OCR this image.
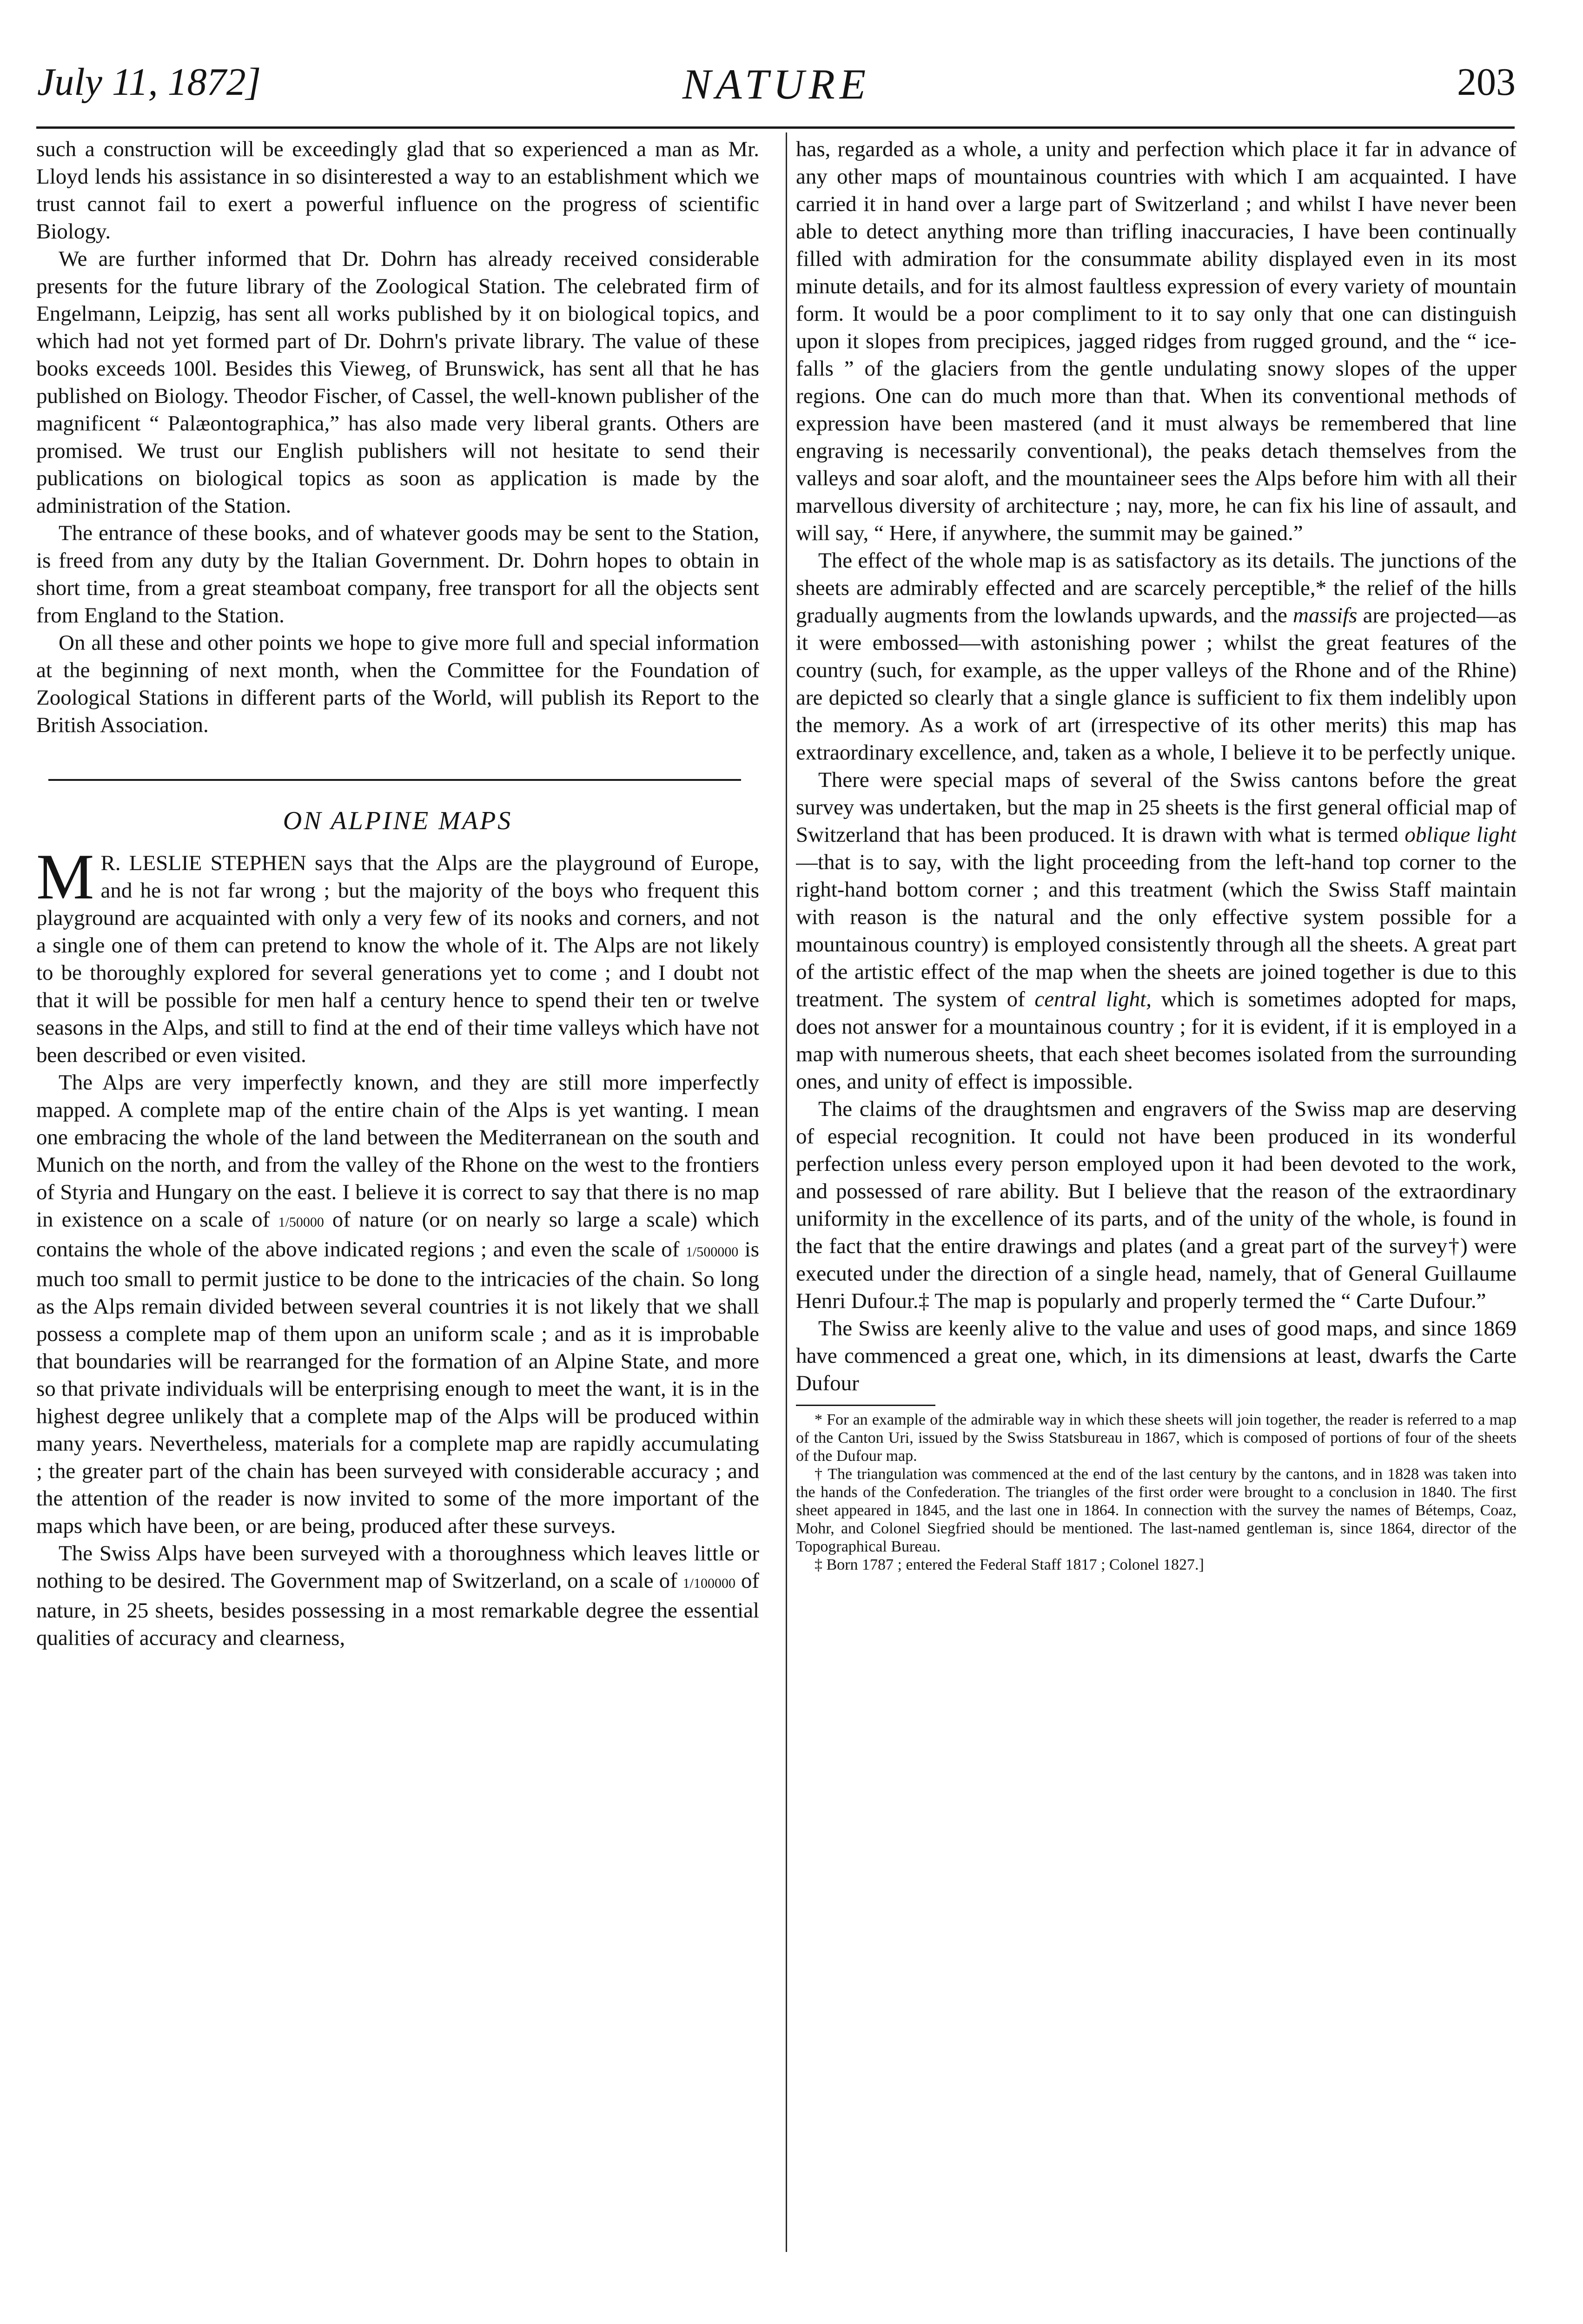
July 11, 1872]	NATURE	203

such a construction will be exceedingly glad that so experienced a man as Mr. Lloyd lends his assistance in so disinterested a way to an establishment which we trust cannot fail to exert a powerful influence on the progress of scientific Biology.

We are further informed that Dr. Dohrn has already received considerable presents for the future library of the Zoological Station. The celebrated firm of Engelmann, Leipzig, has sent all works published by it on biological topics, and which had not yet formed part of Dr. Dohrn's private library. The value of these books exceeds 100l. Besides this Vieweg, of Brunswick, has sent all that he has published on Biology. Theodor Fischer, of Cassel, the well-known publisher of the magnificent “ Palæontographica,” has also made very liberal grants. Others are promised. We trust our English publishers will not hesitate to send their publications on biological topics as soon as application is made by the administration of the Station.

The entrance of these books, and of whatever goods may be sent to the Station, is freed from any duty by the Italian Government. Dr. Dohrn hopes to obtain in short time, from a great steamboat company, free transport for all the objects sent from England to the Station.

On all these and other points we hope to give more full and special information at the beginning of next month, when the Committee for the Foundation of Zoological Stations in different parts of the World, will publish its Report to the British Association.

ON ALPINE MAPS

M R. LESLIE STEPHEN says that the Alps are the playground of Europe, and he is not far wrong ; but the majority of the boys who frequent this playground are acquainted with only a very few of its nooks and corners, and not a single one of them can pretend to know the whole of it. The Alps are not likely to be thoroughly explored for several generations yet to come ; and I doubt not that it will be possible for men half a century hence to spend their ten or twelve seasons in the Alps, and still to find at the end of their time valleys which have not been described or even visited.

The Alps are very imperfectly known, and they are still more imperfectly mapped. A complete map of the entire chain of the Alps is yet wanting. I mean one embracing the whole of the land between the Mediterranean on the south and Munich on the north, and from the valley of the Rhone on the west to the frontiers of Styria and Hungary on the east. I believe it is correct to say that there is no map in existence on a scale of 1/50000 of nature (or on nearly so large a scale) which contains the whole of the above indicated regions ; and even the scale of 1/500000 is much too small to permit justice to be done to the intricacies of the chain. So long as the Alps remain divided between several countries it is not likely that we shall possess a complete map of them upon an uniform scale ; and as it is improbable that boundaries will be rearranged for the formation of an Alpine State, and more so that private individuals will be enterprising enough to meet the want, it is in the highest degree unlikely that a complete map of the Alps will be produced within many years. Nevertheless, materials for a complete map are rapidly accumulating ; the greater part of the chain has been surveyed with considerable accuracy ; and the attention of the reader is now invited to some of the more important of the maps which have been, or are being, produced after these surveys.

The Swiss Alps have been surveyed with a thoroughness which leaves little or nothing to be desired. The Government map of Switzerland, on a scale of 1/100000 of nature, in 25 sheets, besides possessing in a most remarkable degree the essential qualities of accuracy and clearness,

has, regarded as a whole, a unity and perfection which place it far in advance of any other maps of mountainous countries with which I am acquainted. I have carried it in hand over a large part of Switzerland ; and whilst I have never been able to detect anything more than trifling inaccuracies, I have been continually filled with admiration for the consummate ability displayed even in its most minute details, and for its almost faultless expression of every variety of mountain form. It would be a poor compliment to it to say only that one can distinguish upon it slopes from precipices, jagged ridges from rugged ground, and the “ ice-falls ” of the glaciers from the gentle undulating snowy slopes of the upper regions. One can do much more than that. When its conventional methods of expression have been mastered (and it must always be remembered that line engraving is necessarily conventional), the peaks detach themselves from the valleys and soar aloft, and the mountaineer sees the Alps before him with all their marvellous diversity of architecture ; nay, more, he can fix his line of assault, and will say, “ Here, if anywhere, the summit may be gained.”

The effect of the whole map is as satisfactory as its details. The junctions of the sheets are admirably effected and are scarcely perceptible,* the relief of the hills gradually augments from the lowlands upwards, and the massifs are projected—as it were embossed—with astonishing power ; whilst the great features of the country (such, for example, as the upper valleys of the Rhone and of the Rhine) are depicted so clearly that a single glance is sufficient to fix them indelibly upon the memory. As a work of art (irrespective of its other merits) this map has extraordinary excellence, and, taken as a whole, I believe it to be perfectly unique.

There were special maps of several of the Swiss cantons before the great survey was undertaken, but the map in 25 sheets is the first general official map of Switzerland that has been produced. It is drawn with what is termed oblique light—that is to say, with the light proceeding from the left-hand top corner to the right-hand bottom corner ; and this treatment (which the Swiss Staff maintain with reason is the natural and the only effective system possible for a mountainous country) is employed consistently through all the sheets. A great part of the artistic effect of the map when the sheets are joined together is due to this treatment. The system of central light, which is sometimes adopted for maps, does not answer for a mountainous country ; for it is evident, if it is employed in a map with numerous sheets, that each sheet becomes isolated from the surrounding ones, and unity of effect is impossible.

The claims of the draughtsmen and engravers of the Swiss map are deserving of especial recognition. It could not have been produced in its wonderful perfection unless every person employed upon it had been devoted to the work, and possessed of rare ability. But I believe that the reason of the extraordinary uniformity in the excellence of its parts, and of the unity of the whole, is found in the fact that the entire drawings and plates (and a great part of the survey†) were executed under the direction of a single head, namely, that of General Guillaume Henri Dufour.‡ The map is popularly and properly termed the “ Carte Dufour.”

The Swiss are keenly alive to the value and uses of good maps, and since 1869 have commenced a great one, which, in its dimensions at least, dwarfs the Carte Dufour

* For an example of the admirable way in which these sheets will join together, the reader is referred to a map of the Canton Uri, issued by the Swiss Statsbureau in 1867, which is composed of portions of four of the sheets of the Dufour map.

† The triangulation was commenced at the end of the last century by the cantons, and in 1828 was taken into the hands of the Confederation. The triangles of the first order were brought to a conclusion in 1840. The first sheet appeared in 1845, and the last one in 1864. In connection with the survey the names of Bétemps, Coaz, Mohr, and Colonel Siegfried should be mentioned. The last-named gentleman is, since 1864, director of the Topographical Bureau.

‡ Born 1787 ; entered the Federal Staff 1817 ; Colonel 1827.]
